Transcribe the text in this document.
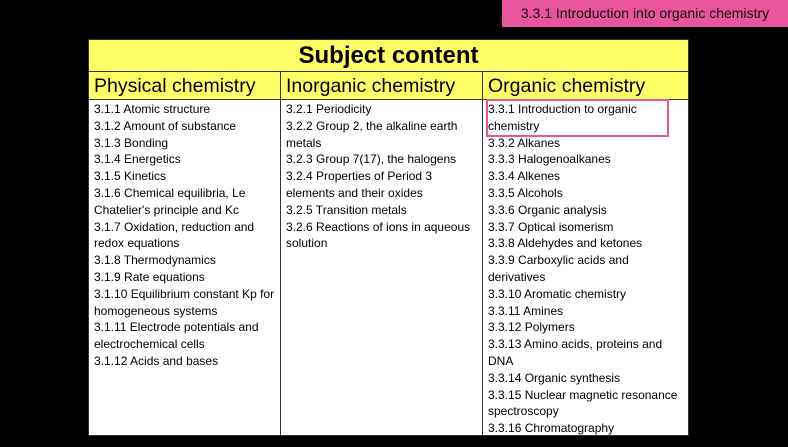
3.3.1 Introduction into organic chemistry
Subject content
Physical chemistry
3.1.1 Atomic structure
3.1.2 Amount of substance
3.1.3 Bonding
3.1.4 Energetics
3.1.5 Kinetics
3.1.6 Chemical equilibria, Le Chatelier's principle and Kc
3.1.7 Oxidation, reduction and redox equations
3.1.8 Thermodynamics
3.1.9 Rate equations
3.1.10 Equilibrium constant Kp for homogeneous systems
3.1.11 Electrode potentials and electrochemical cells
3.1.12 Acids and bases
Inorganic chemistry
3.2.1 Periodicity
3.2.2 Group 2, the alkaline earth metals
3.2.3 Group 7(17), the halogens
3.2.4 Properties of Period 3 elements and their oxides
3.2.5 Transition metals
3.2.6 Reactions of ions in aqueous solution
Organic chemistry
3.3.1 Introduction to organic chemistry
3.3.2 Alkanes
3.3.3 Halogenoalkanes
3.3.4 Alkenes
3.3.5 Alcohols
3.3.6 Organic analysis
3.3.7 Optical isomerism
3.3.8 Aldehydes and ketones
3.3.9 Carboxylic acids and derivatives
3.3.10 Aromatic chemistry
3.3.11 Amines
3.3.12 Polymers
3.3.13 Amino acids, proteins and DNA
3.3.14 Organic synthesis
3.3.15 Nuclear magnetic resonance spectroscopy
3.3.16 Chromatography
